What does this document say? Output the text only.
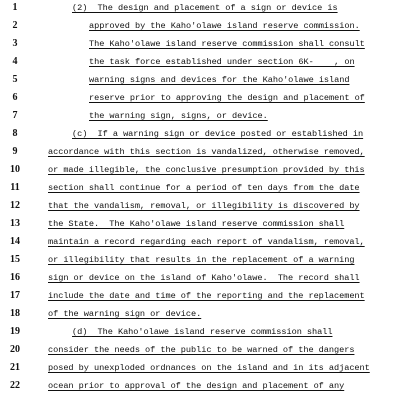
1	(2)  The design and placement of a sign or device is
2	approved by the Kaho'olawe island reserve commission.
3	The Kaho'olawe island reserve commission shall consult
4	the task force established under section 6K-    , on
5	warning signs and devices for the Kaho'olawe island
6	reserve prior to approving the design and placement of
7	the warning sign, signs, or device.
8	(c)  If a warning sign or device posted or established in
9	accordance with this section is vandalized, otherwise removed,
10	or made illegible, the conclusive presumption provided by this
11	section shall continue for a period of ten days from the date
12	that the vandalism, removal, or illegibility is discovered by
13	the State.  The Kaho'olawe island reserve commission shall
14	maintain a record regarding each report of vandalism, removal,
15	or illegibility that results in the replacement of a warning
16	sign or device on the island of Kaho'olawe.  The record shall
17	include the date and time of the reporting and the replacement
18	of the warning sign or device.
19	(d)  The Kaho'olawe island reserve commission shall
20	consider the needs of the public to be warned of the dangers
21	posed by unexploded ordnances on the island and in its adjacent
22	ocean prior to approval of the design and placement of any
